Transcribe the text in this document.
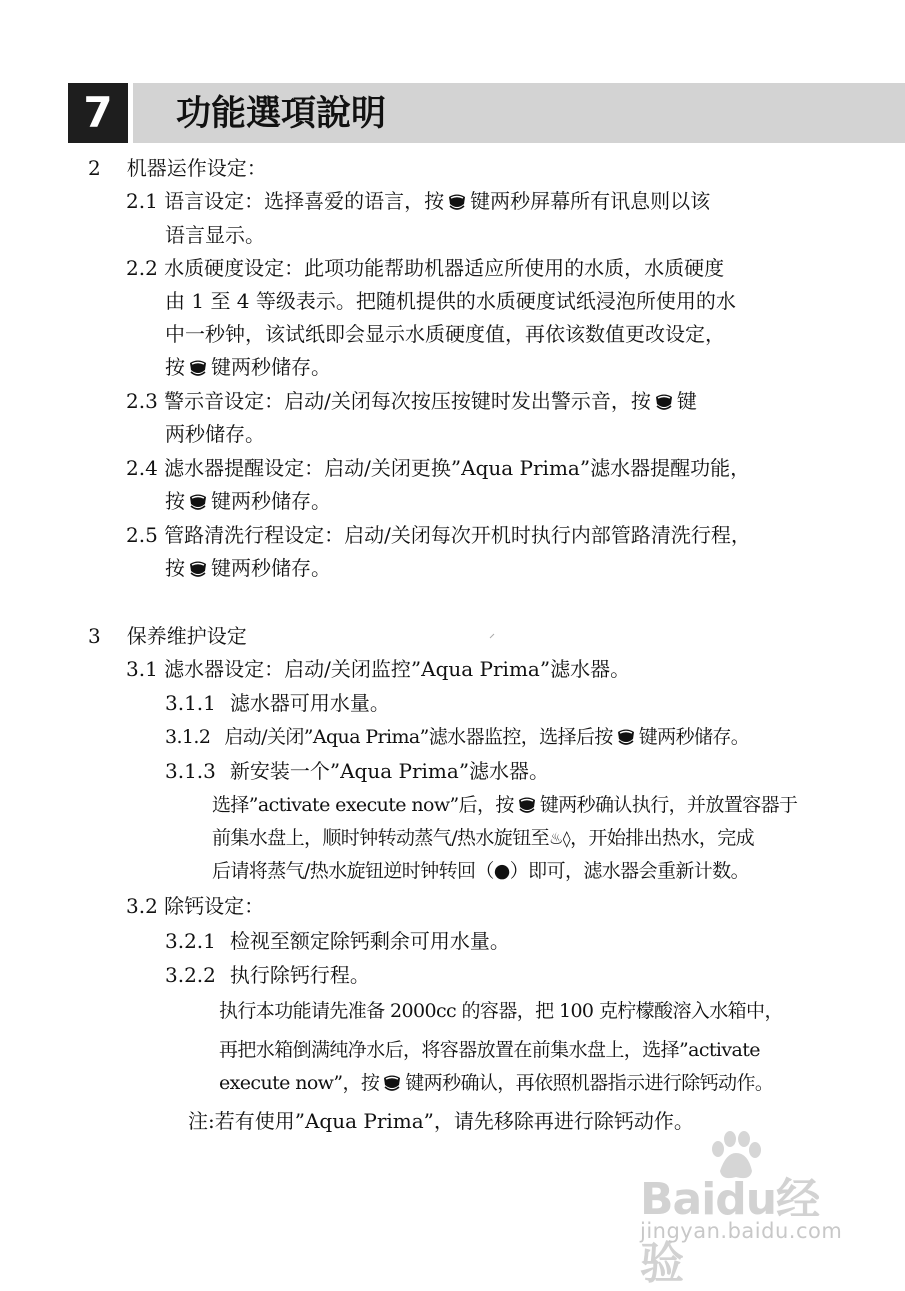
7	功能選項說明
2 机器运作设定：
2.1 语言设定：选择喜爱的语言，按 键两秒屏幕所有讯息则以该
语言显示。
2.2 水质硬度设定：此项功能帮助机器适应所使用的水质，水质硬度
由 1 至 4 等级表示。把随机提供的水质硬度试纸浸泡所使用的水
中一秒钟，该试纸即会显示水质硬度值，再依该数值更改设定，
按 键两秒储存。
2.3 警示音设定：启动/关闭每次按压按键时发出警示音，按 键
两秒储存。
2.4 滤水器提醒设定：启动/关闭更换”Aqua Prima”滤水器提醒功能，
按 键两秒储存。
2.5 管路清洗行程设定：启动/关闭每次开机时执行内部管路清洗行程，
按 键两秒储存。
3 保养维护设定
3.1 滤水器设定：启动/关闭监控”Aqua Prima”滤水器。
3.1.1 滤水器可用水量。
3.1.2 启动/关闭”Aqua Prima”滤水器监控，选择后按 键两秒储存。
3.1.3 新安装一个”Aqua Prima”滤水器。
选择”activate execute now”后，按 键两秒确认执行，并放置容器于
前集水盘上，顺时钟转动蒸气/热水旋钮至♨◊，开始排出热水，完成
后请将蒸气/热水旋钮逆时钟转回（●）即可，滤水器会重新计数。
3.2 除钙设定：
3.2.1 检视至额定除钙剩余可用水量。
3.2.2 执行除钙行程。
执行本功能请先准备 2000cc 的容器，把 100 克柠檬酸溶入水箱中，
再把水箱倒满纯净水后，将容器放置在前集水盘上，选择”activate
execute now”，按 键两秒确认，再依照机器指示进行除钙动作。
注:若有使用”Aqua Prima”，请先移除再进行除钙动作。
Baidu经验
jingyan.baidu.com
